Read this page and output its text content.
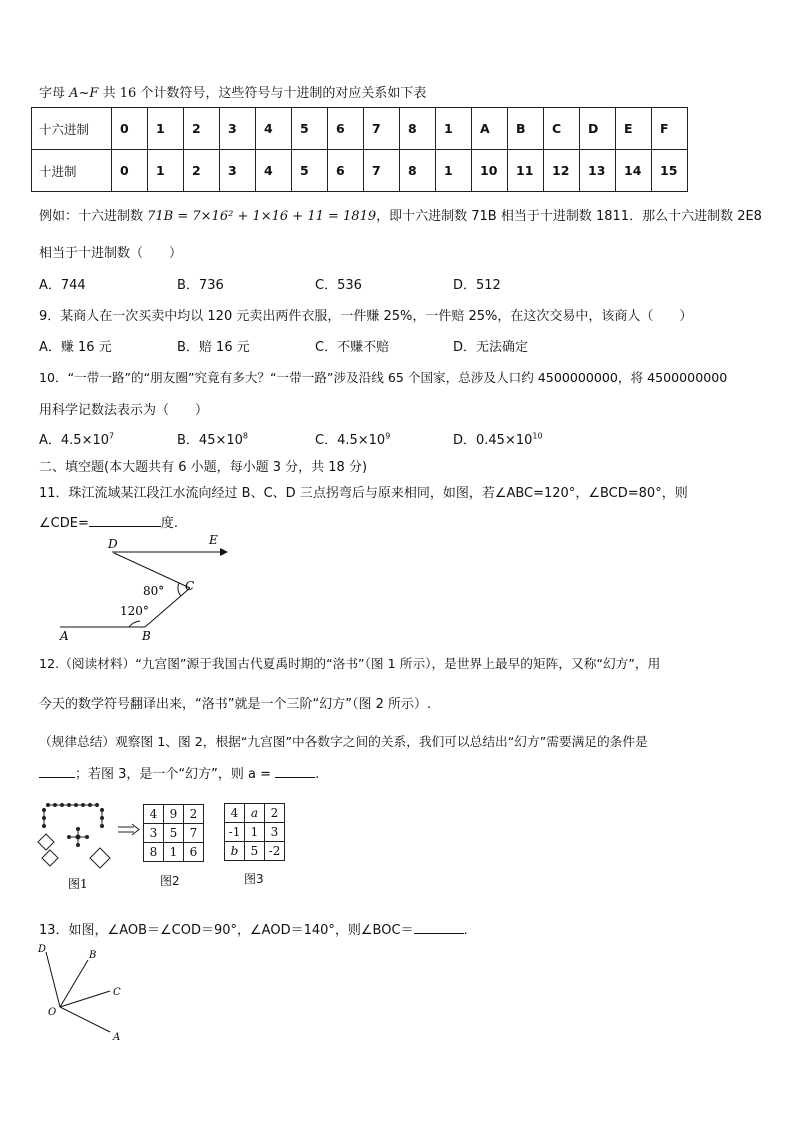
字母 A~F 共 16 个计数符号，这些符号与十进制的对应关系如下表
十六进制	0	1	2	3	4	5	6	7	8	1	A	B	C	D	E	F
十进制	0	1	2	3	4	5	6	7	8	1	10	11	12	13	14	15
例如：十六进制数 71B = 7×16² + 1×16 + 11 = 1819，即十六进制数 71B 相当于十进制数 1811．那么十六进制数 2E8
相当于十进制数（　　）
A．744	B．736	C．536	D．512
9．某商人在一次买卖中均以 120 元卖出两件衣服，一件赚 25%，一件赔 25%，在这次交易中，该商人（　　）
A．赚 16 元	B．赔 16 元	C．不赚不赔	D．无法确定
10．“一带一路”的“朋友圈”究竟有多大？“一带一路”涉及沿线 65 个国家，总涉及人口约 4500000000，将 4500000000
用科学记数法表示为（　　）
A．$4.5\times 10^7$	B．$45\times 10^8$	C．$4.5\times 10^9$	D．$0.45\times 10^{10}$
二、填空题(本大题共有 6 小题，每小题 3 分，共 18 分)
11．珠江流域某江段江水流向经过 B、C、D 三点拐弯后与原来相同，如图，若∠ABC=120°，∠BCD=80°，则
∠CDE=	度.
D	E
C
80°
120°
A	B
12.（阅读材料）“九宫图”源于我国古代夏禹时期的“洛书”（图 1 所示），是世界上最早的矩阵，又称“幻方”，用
今天的数学符号翻译出来，“洛书”就是一个三阶“幻方”（图 2 所示）.
（规律总结）观察图 1、图 2，根据“九宫图”中各数字之间的关系，我们可以总结出“幻方”需要满足的条件是
；若图 3，是一个“幻方”，则 a =	.
图1
4	9	2
3	5	7
8	1	6
图2
4	a	2
-1	1	3
b	5	-2
图3
13．如图，∠AOB＝∠COD＝90°，∠AOD＝140°，则∠BOC＝	.
D
B
C
O
A
